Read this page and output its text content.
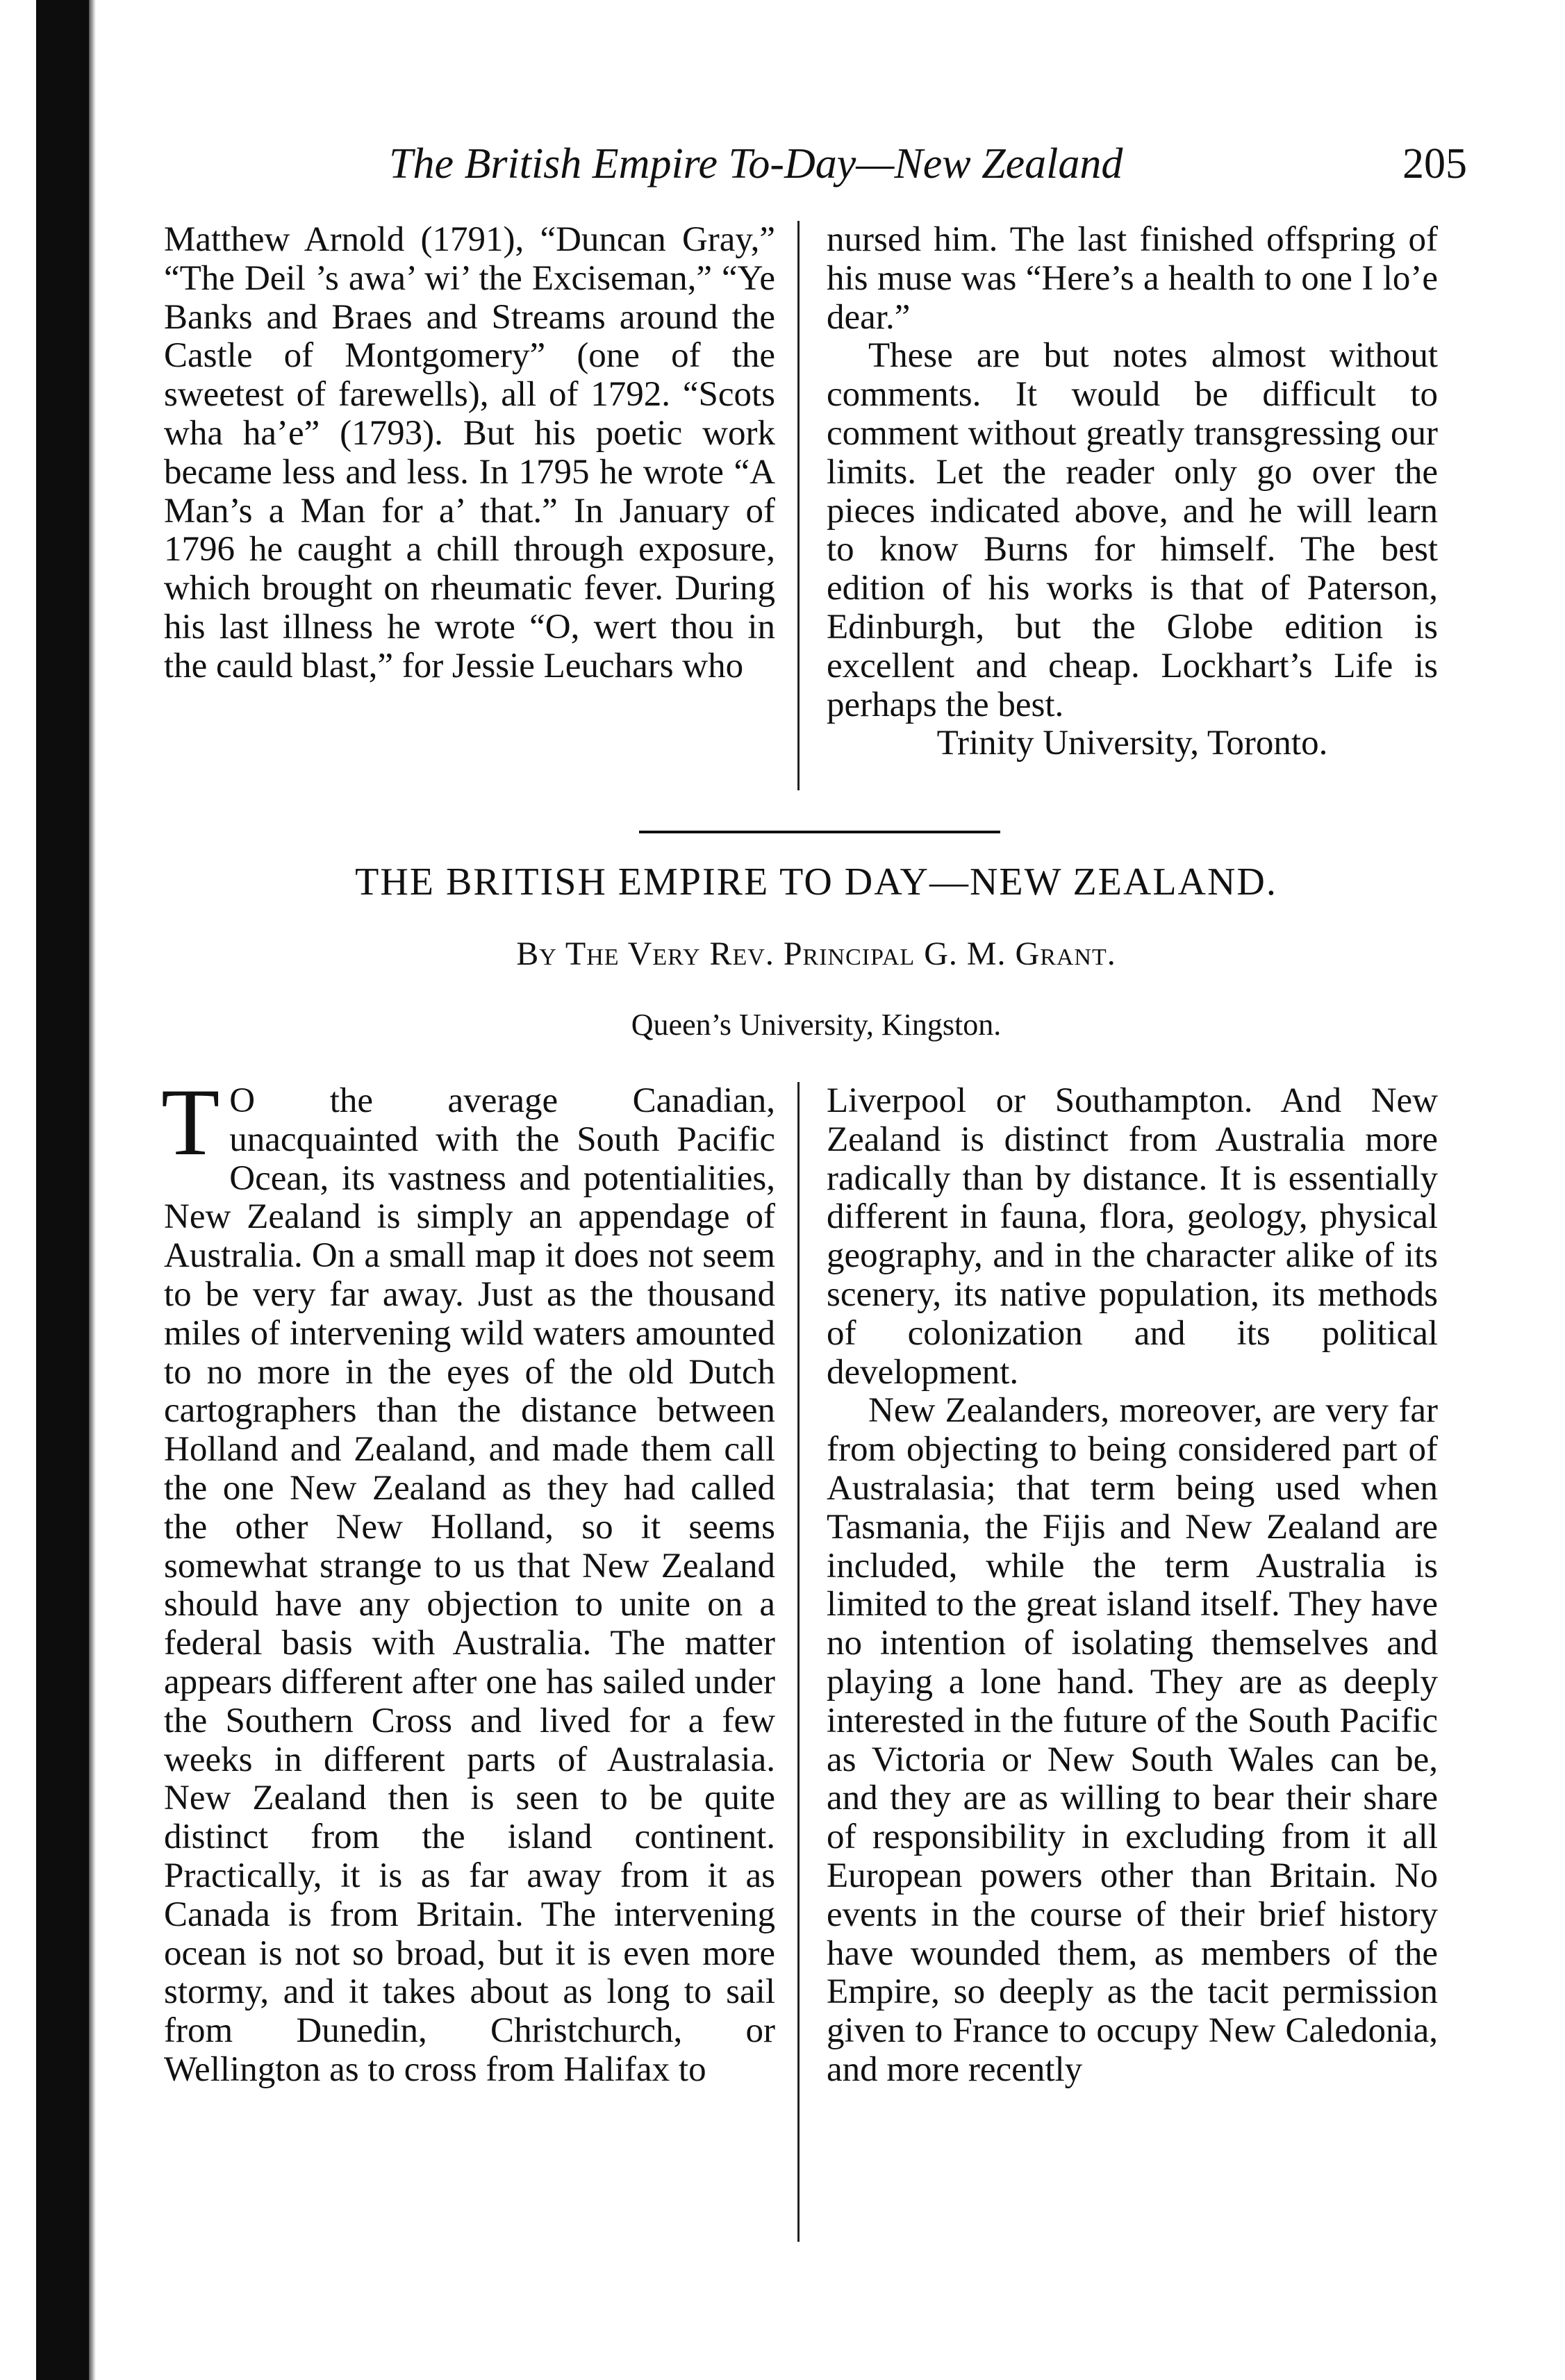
The British Empire To-Day—New Zealand	205

Matthew Arnold (1791), “Duncan Gray,” “The Deil ’s awa’ wi’ the Exciseman,” “Ye Banks and Braes and Streams around the Castle of Montgomery” (one of the sweetest of farewells), all of 1792. “Scots wha ha’e” (1793). But his poetic work became less and less. In 1795 he wrote “A Man’s a Man for a’ that.” In January of 1796 he caught a chill through exposure, which brought on rheumatic fever. During his last illness he wrote “O, wert thou in the cauld blast,” for Jessie Leuchars who

nursed him. The last finished offspring of his muse was “Here’s a health to one I lo’e dear.”

These are but notes almost without comments. It would be difficult to comment without greatly transgressing our limits. Let the reader only go over the pieces indicated above, and he will learn to know Burns for himself. The best edition of his works is that of Paterson, Edinburgh, but the Globe edition is excellent and cheap. Lockhart’s Life is perhaps the best.

Trinity University, Toronto.

THE BRITISH EMPIRE TO DAY—NEW ZEALAND.
By The Very Rev. Principal G. M. Grant.
Queen’s University, Kingston.

T O the average Canadian, unacquainted with the South Pacific Ocean, its vastness and potentialities, New Zealand is simply an appendage of Australia. On a small map it does not seem to be very far away. Just as the thousand miles of intervening wild waters amounted to no more in the eyes of the old Dutch cartographers than the distance between Holland and Zealand, and made them call the one New Zealand as they had called the other New Holland, so it seems somewhat strange to us that New Zealand should have any objection to unite on a federal basis with Australia. The matter appears different after one has sailed under the Southern Cross and lived for a few weeks in different parts of Australasia. New Zealand then is seen to be quite distinct from the island continent. Practically, it is as far away from it as Canada is from Britain. The intervening ocean is not so broad, but it is even more stormy, and it takes about as long to sail from Dunedin, Christchurch, or Wellington as to cross from Halifax to

Liverpool or Southampton. And New Zealand is distinct from Australia more radically than by distance. It is essentially different in fauna, flora, geology, physical geography, and in the character alike of its scenery, its native population, its methods of colonization and its political development.

New Zealanders, moreover, are very far from objecting to being considered part of Australasia; that term being used when Tasmania, the Fijis and New Zealand are included, while the term Australia is limited to the great island itself. They have no intention of isolating themselves and playing a lone hand. They are as deeply interested in the future of the South Pacific as Victoria or New South Wales can be, and they are as willing to bear their share of responsibility in excluding from it all European powers other than Britain. No events in the course of their brief history have wounded them, as members of the Empire, so deeply as the tacit permission given to France to occupy New Caledonia, and more recently
